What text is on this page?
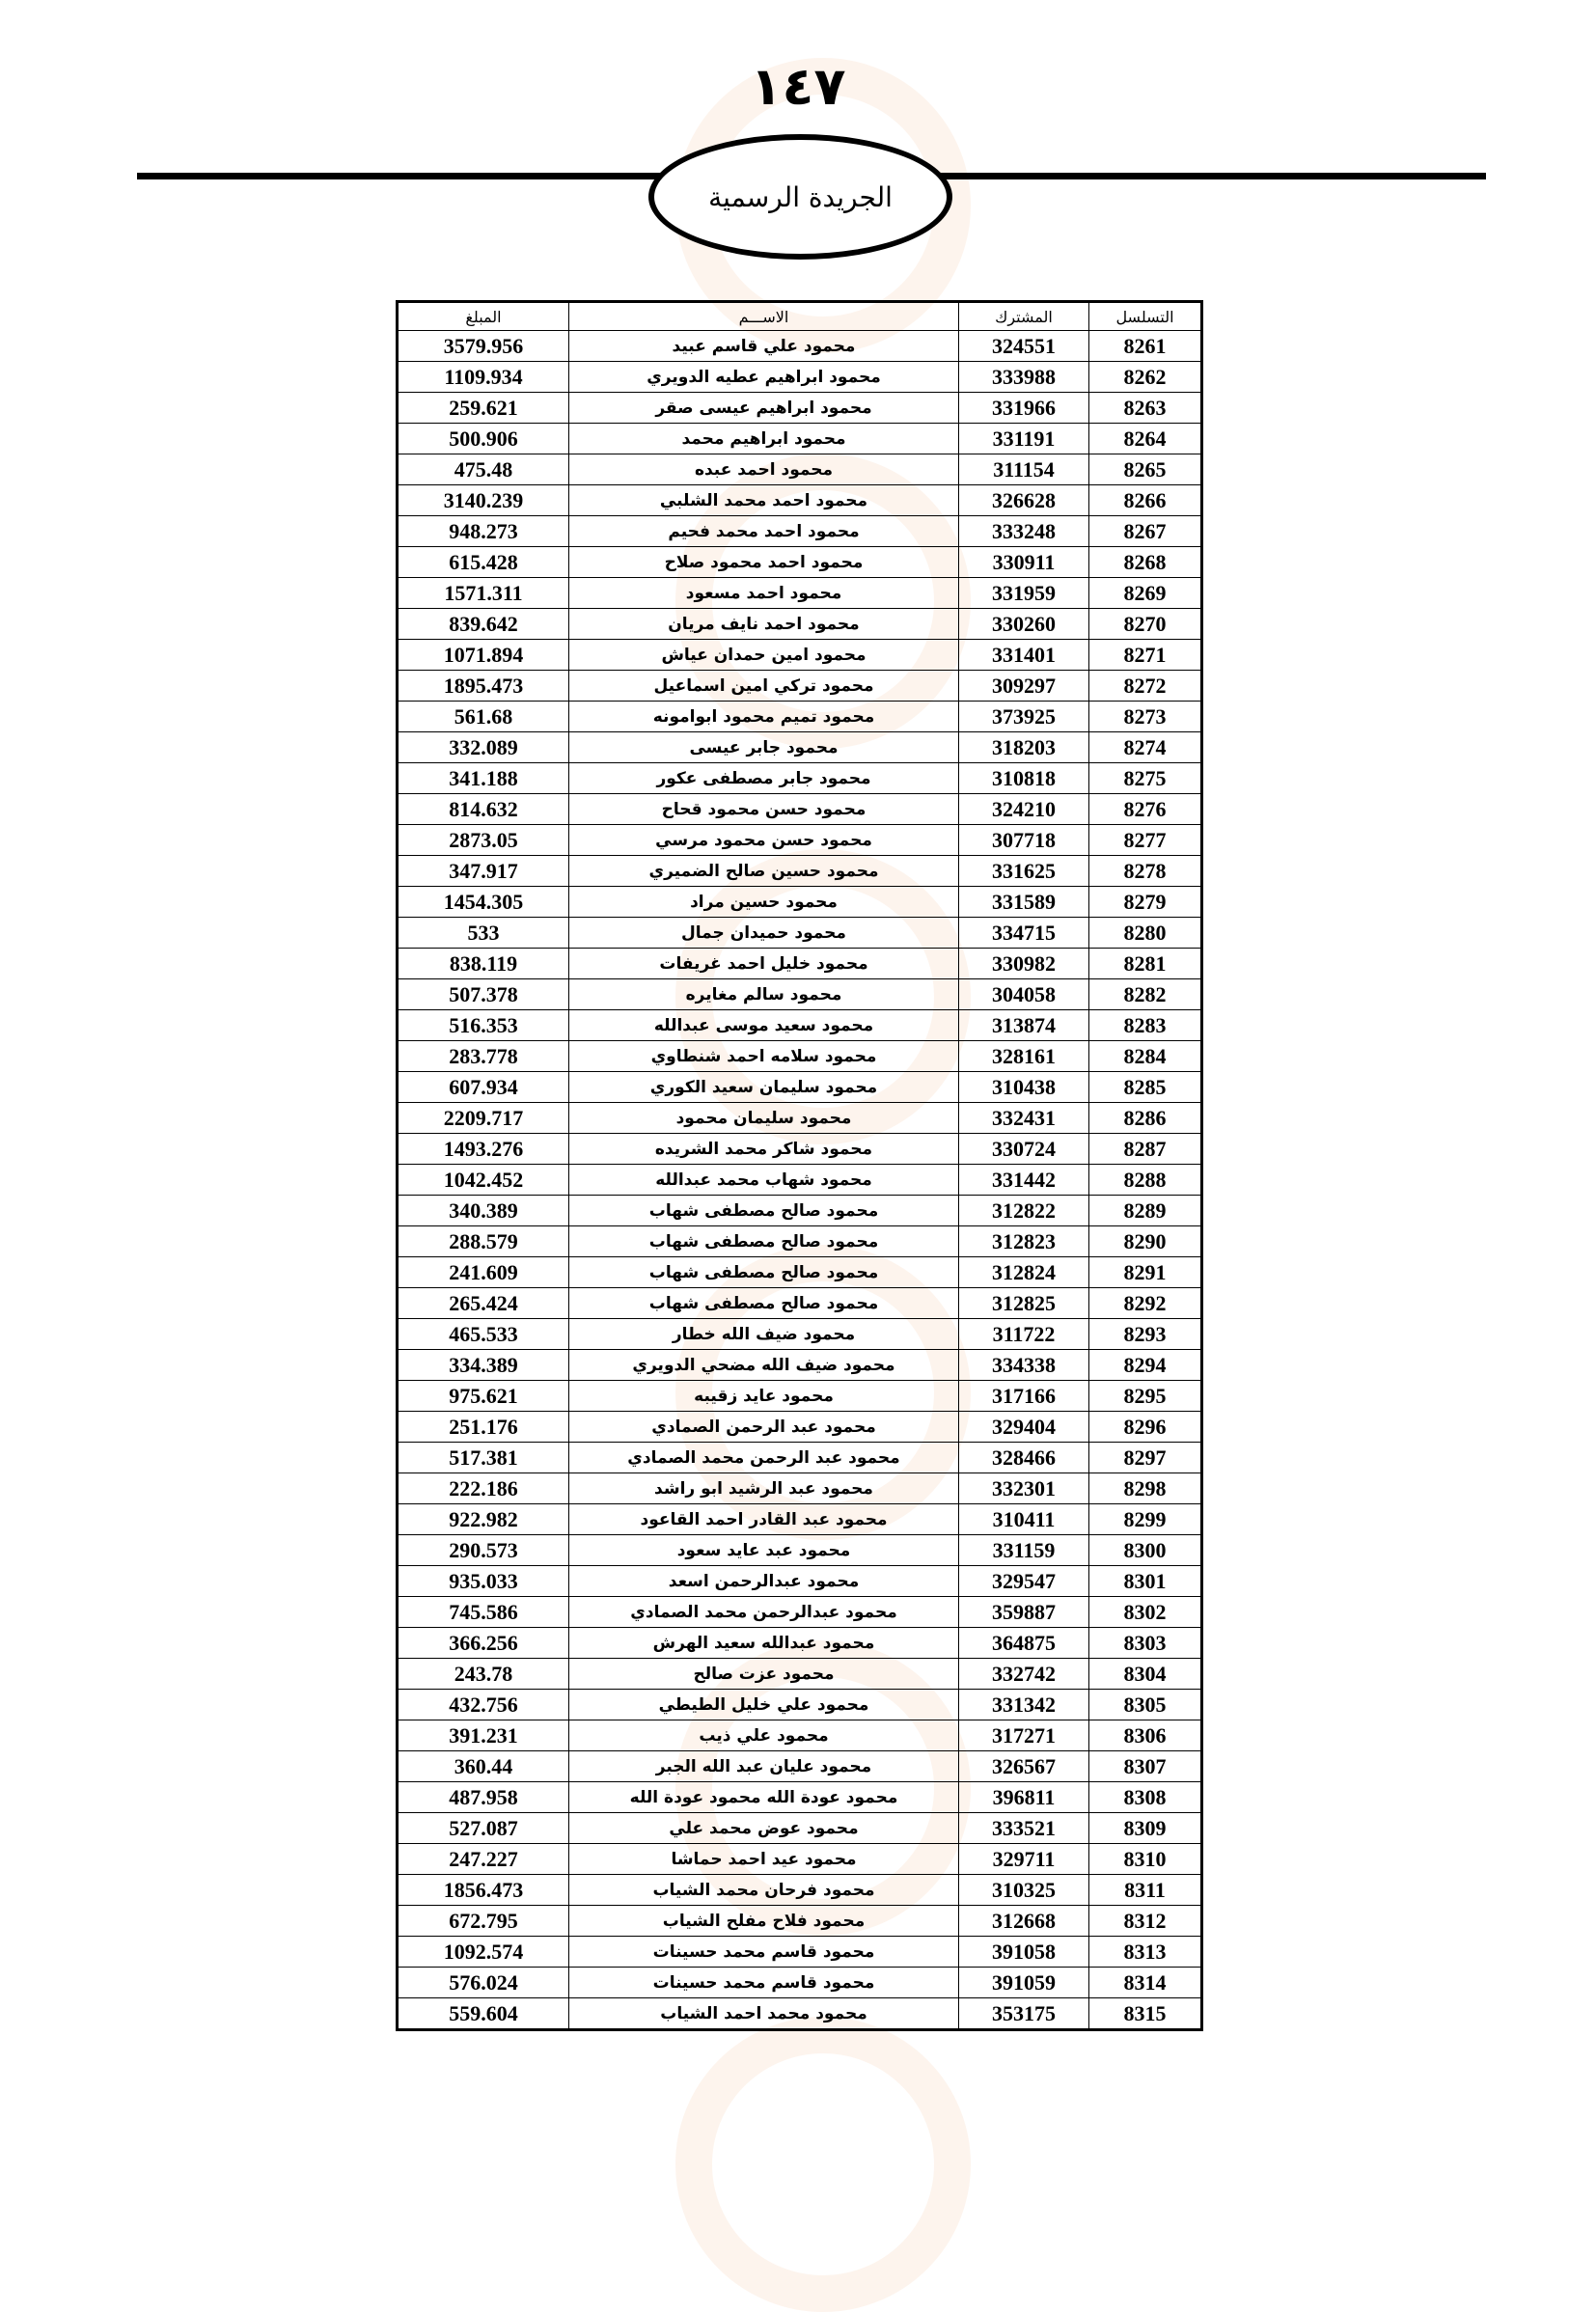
١٤٧
الجريدة الرسمية
التسلسل	المشترك	الاســـم	المبلغ
8261	324551	محمود علي قاسم عبيد	3579.956
8262	333988	محمود ابراهيم عطيه الدويري	1109.934
8263	331966	محمود ابراهيم عيسى صقر	259.621
8264	331191	محمود ابراهيم محمد	500.906
8265	311154	محمود احمد عبده	475.48
8266	326628	محمود احمد محمد الشلبي	3140.239
8267	333248	محمود احمد محمد فحيم	948.273
8268	330911	محمود احمد محمود صلاح	615.428
8269	331959	محمود احمد مسعود	1571.311
8270	330260	محمود احمد نايف مريان	839.642
8271	331401	محمود امين حمدان عياش	1071.894
8272	309297	محمود تركي امين اسماعيل	1895.473
8273	373925	محمود تميم محمود ابوامونه	561.68
8274	318203	محمود جابر عيسى	332.089
8275	310818	محمود جابر مصطفى عكور	341.188
8276	324210	محمود حسن محمود قحاح	814.632
8277	307718	محمود حسن محمود مرسي	2873.05
8278	331625	محمود حسين صالح الضميري	347.917
8279	331589	محمود حسين مراد	1454.305
8280	334715	محمود حميدان جمال	533
8281	330982	محمود خليل احمد غريفات	838.119
8282	304058	محمود سالم مغايره	507.378
8283	313874	محمود سعيد موسى عبدالله	516.353
8284	328161	محمود سلامه احمد شنطاوي	283.778
8285	310438	محمود سليمان سعيد الكوري	607.934
8286	332431	محمود سليمان محمود	2209.717
8287	330724	محمود شاكر محمد الشريده	1493.276
8288	331442	محمود شهاب محمد عبدالله	1042.452
8289	312822	محمود صالح مصطفى شهاب	340.389
8290	312823	محمود صالح مصطفى شهاب	288.579
8291	312824	محمود صالح مصطفى شهاب	241.609
8292	312825	محمود صالح مصطفى شهاب	265.424
8293	311722	محمود ضيف الله خطار	465.533
8294	334338	محمود ضيف الله مضحي الدويري	334.389
8295	317166	محمود عايد زقيبه	975.621
8296	329404	محمود عبد الرحمن الصمادي	251.176
8297	328466	محمود عبد الرحمن محمد الصمادي	517.381
8298	332301	محمود عبد الرشيد ابو راشد	222.186
8299	310411	محمود عبد القادر احمد القاعود	922.982
8300	331159	محمود عبد عايد سعود	290.573
8301	329547	محمود عبدالرحمن اسعد	935.033
8302	359887	محمود عبدالرحمن محمد الصمادي	745.586
8303	364875	محمود عبدالله سعيد الهرش	366.256
8304	332742	محمود عزت صالح	243.78
8305	331342	محمود علي خليل الطيطي	432.756
8306	317271	محمود علي ذيب	391.231
8307	326567	محمود عليان عبد الله الجبر	360.44
8308	396811	محمود عودة الله محمود عودة الله	487.958
8309	333521	محمود عوض محمد علي	527.087
8310	329711	محمود عيد احمد حماشا	247.227
8311	310325	محمود فرحان محمد الشياب	1856.473
8312	312668	محمود فلاح مفلح الشياب	672.795
8313	391058	محمود قاسم محمد حسينات	1092.574
8314	391059	محمود قاسم محمد حسينات	576.024
8315	353175	محمود محمد احمد الشياب	559.604
